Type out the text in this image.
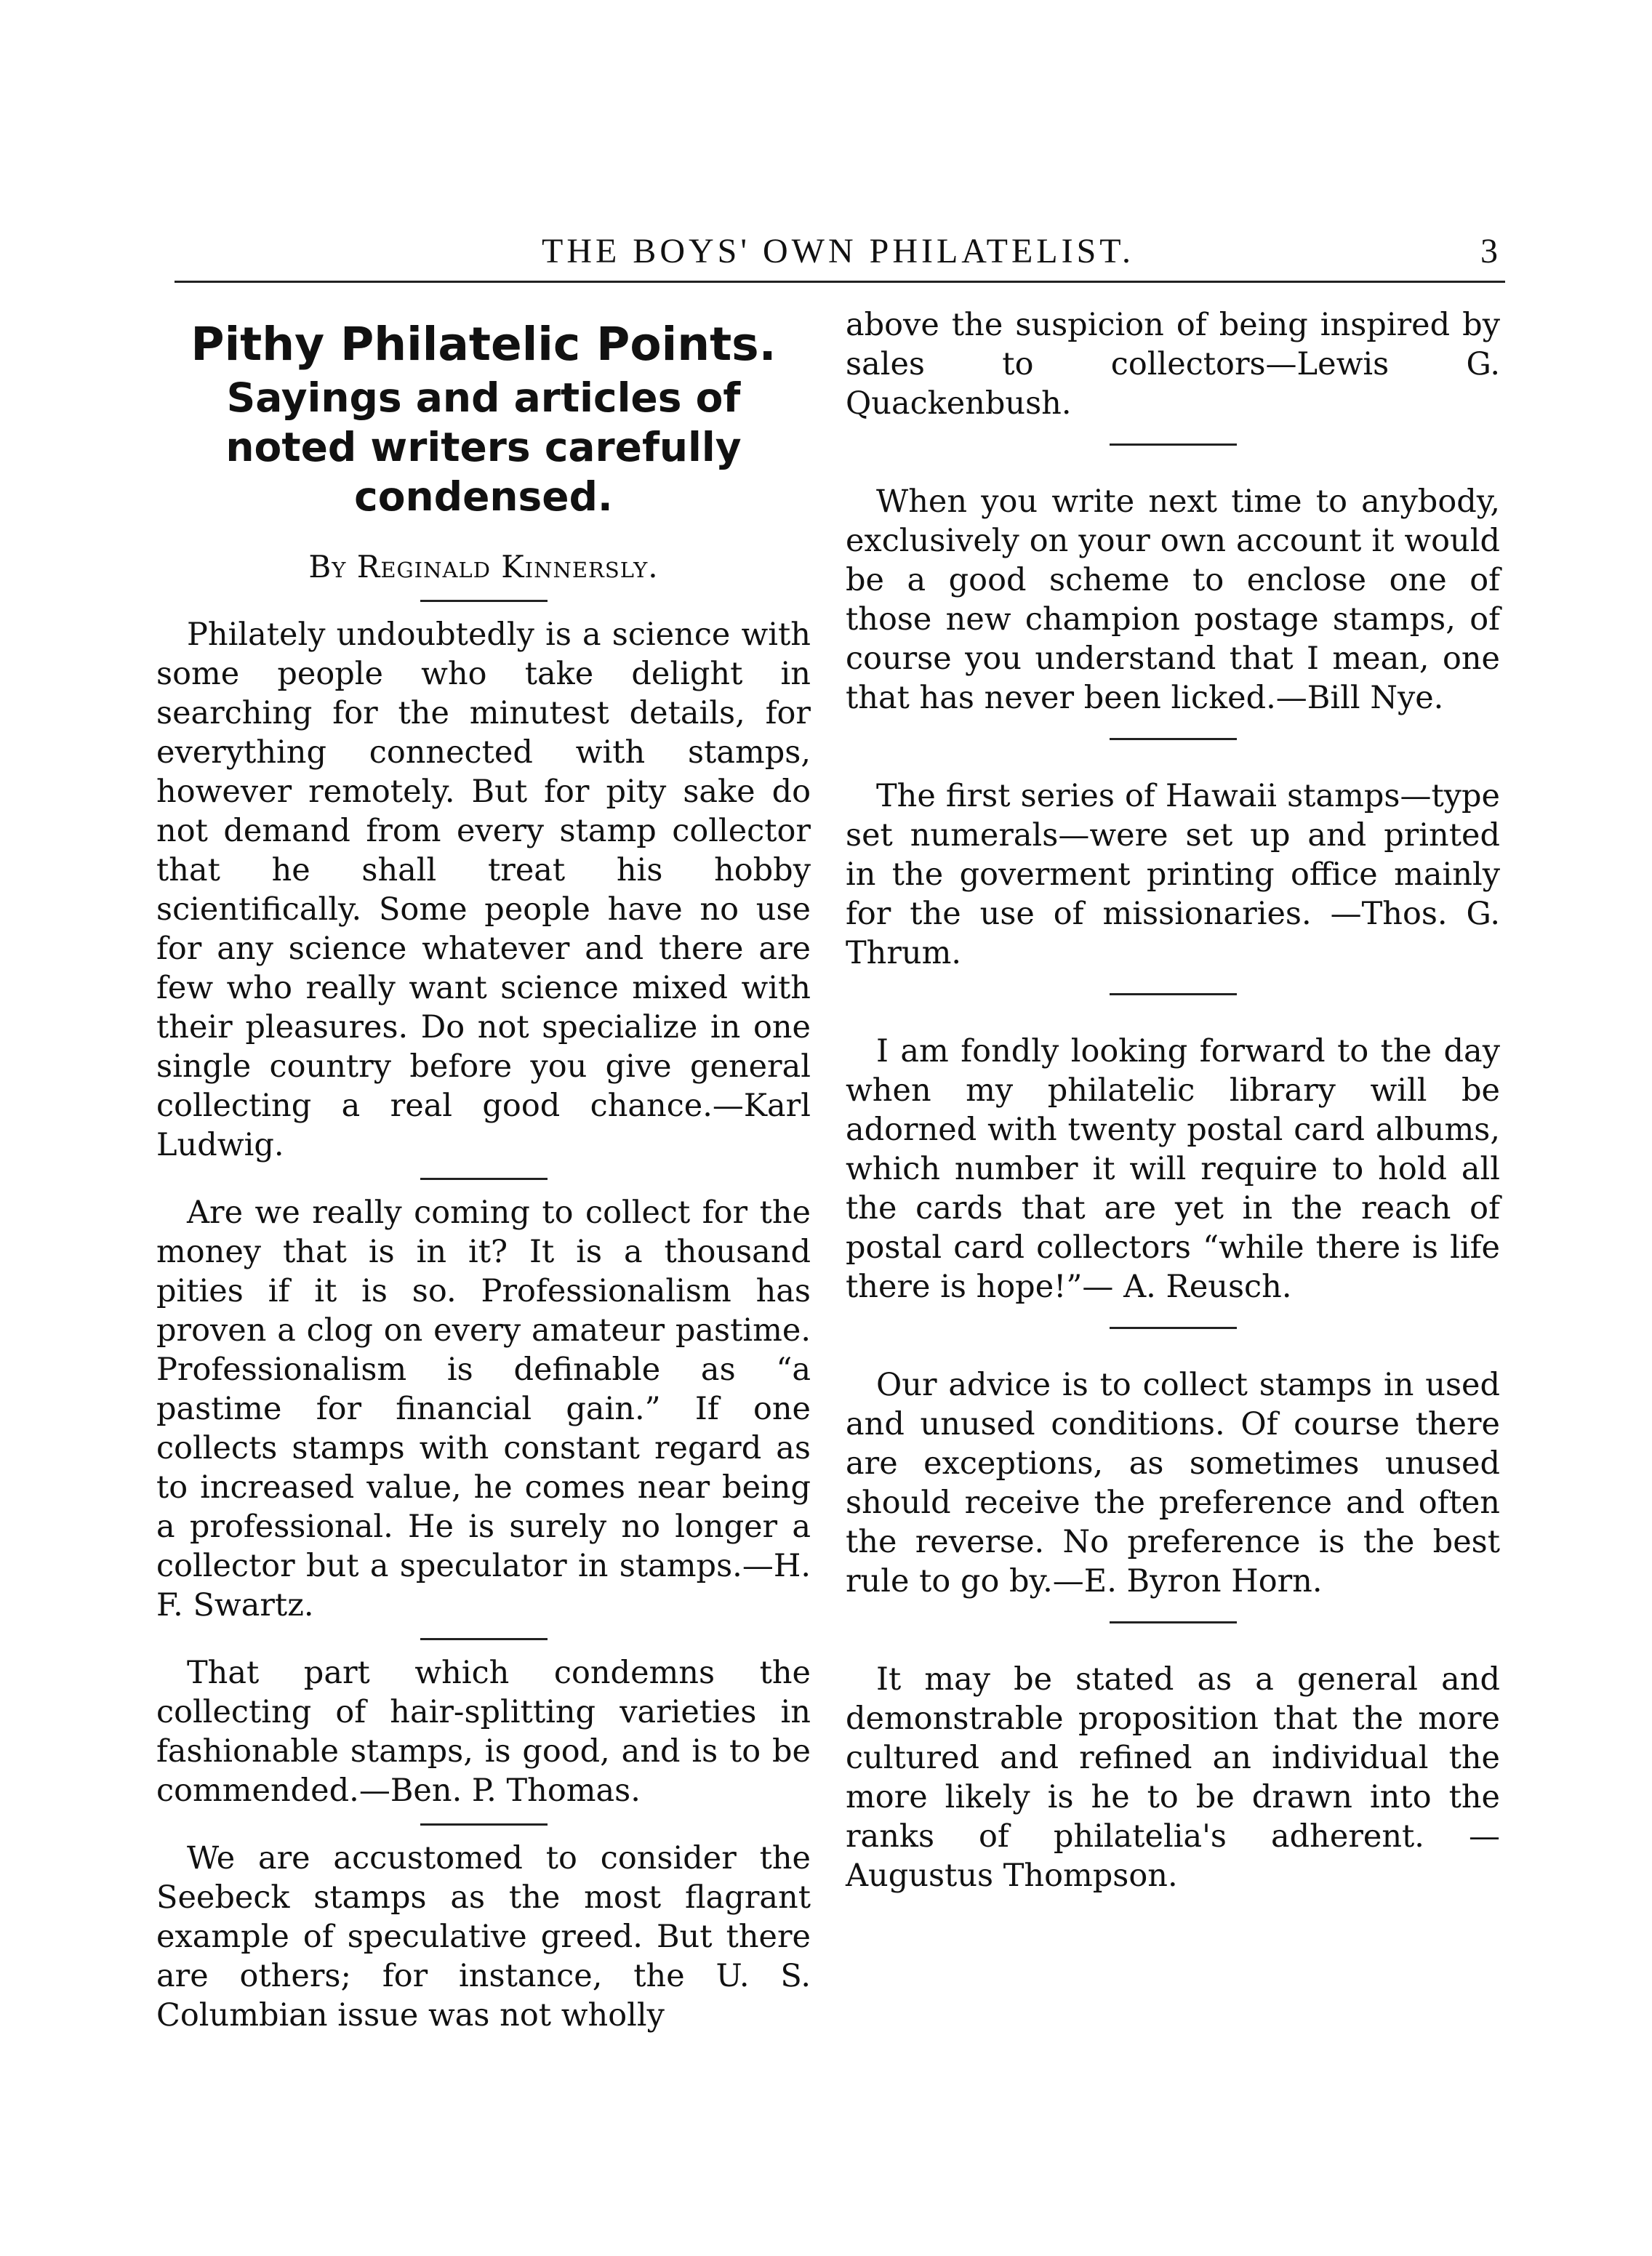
THE BOYS' OWN PHILATELIST.	3
Pithy Philatelic Points.
Sayings and articles of noted writers carefully condensed.
By Reginald Kinnersly.

Philately undoubtedly is a science with some people who take delight in searching for the minutest details, for everything connected with stamps, however remotely. But for pity sake do not demand from every stamp collector that he shall treat his hobby scientifically. Some people have no use for any science whatever and there are few who really want science mixed with their pleasures. Do not specialize in one single country before you give general collecting a real good chance.—Karl Ludwig.

Are we really coming to collect for the money that is in it? It is a thousand pities if it is so. Professionalism has proven a clog on every amateur pastime. Professionalism is definable as “a pastime for financial gain.” If one collects stamps with constant regard as to increased value, he comes near being a professional. He is surely no longer a collector but a speculator in stamps.—H. F. Swartz.

That part which condemns the collecting of hair-splitting varieties in fashionable stamps, is good, and is to be commended.—Ben. P. Thomas.

We are accustomed to consider the Seebeck stamps as the most flagrant example of speculative greed. But there are others; for instance, the U. S. Columbian issue was not wholly

above the suspicion of being inspired by sales to collectors—Lewis G. Quackenbush.

When you write next time to anybody, exclusively on your own account it would be a good scheme to enclose one of those new champion postage stamps, of course you understand that I mean, one that has never been licked.—Bill Nye.

The first series of Hawaii stamps—type set numerals—were set up and printed in the goverment printing office mainly for the use of missionaries. —Thos. G. Thrum.

I am fondly looking forward to the day when my philatelic library will be adorned with twenty postal card albums, which number it will require to hold all the cards that are yet in the reach of postal card collectors “while there is life there is hope!”— A. Reusch.

Our advice is to collect stamps in used and unused conditions. Of course there are exceptions, as sometimes unused should receive the preference and often the reverse. No preference is the best rule to go by.—E. Byron Horn.

It may be stated as a general and demonstrable proposition that the more cultured and refined an individual the more likely is he to be drawn into the ranks of philatelia's adherent. —Augustus Thompson.
